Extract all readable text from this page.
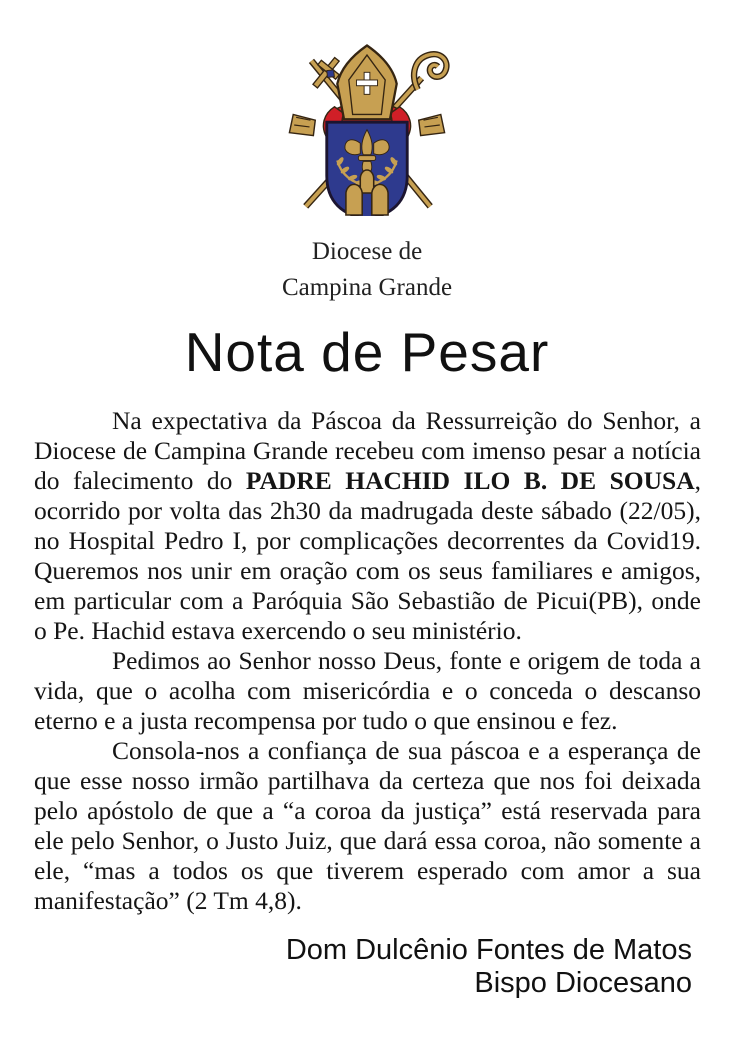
Diocese de
Campina Grande
Nota de Pesar

Na expectativa da Páscoa da Ressurreição do Senhor, a Diocese de Campina Grande recebeu com imenso pesar a notícia do falecimento do PADRE HACHID ILO B. DE SOUSA, ocorrido por volta das 2h30 da madrugada deste sábado (22/05), no Hospital Pedro I, por complicações decorrentes da Covid19. Queremos nos unir em oração com os seus familiares e amigos, em particular com a Paróquia São Sebastião de Picui(PB), onde o Pe. Hachid estava exercendo o seu ministério.

Pedimos ao Senhor nosso Deus, fonte e origem de toda a vida, que o acolha com misericórdia e o conceda o descanso eterno e a justa recompensa por tudo o que ensinou e fez.

Consola-nos a confiança de sua páscoa e a esperança de que esse nosso irmão partilhava da certeza que nos foi deixada pelo apóstolo de que a “a coroa da justiça” está reservada para ele pelo Senhor, o Justo Juiz, que dará essa coroa, não somente a ele, “mas a todos os que tiverem esperado com amor a sua manifestação” (2 Tm 4,8).

Dom Dulcênio Fontes de Matos
Bispo Diocesano
